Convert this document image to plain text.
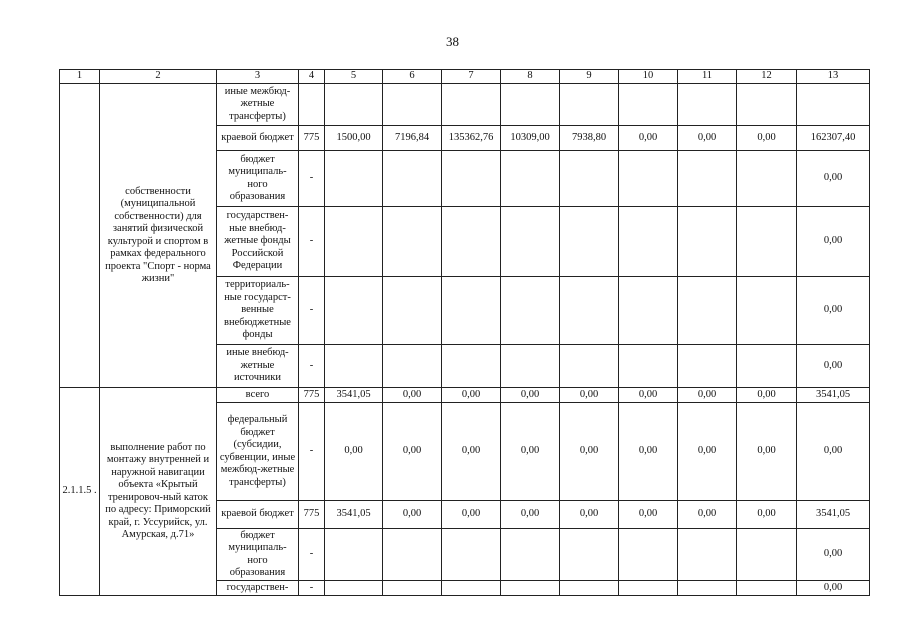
38
1	2	3	4	5	6	7	8	9	10	11	12	13
	собственности (муниципальной собственности) для занятий физической культурой и спортом в рамках федерального проекта "Спорт - норма жизни"	иные межбюд-жетные трансферты)										
		краевой бюджет	775	1500,00	7196,84	135362,76	10309,00	7938,80	0,00	0,00	0,00	162307,40
		бюджет муниципаль-ного образования	-									0,00
		государствен-ные внебюд-жетные фонды Российской Федерации	-									0,00
		территориаль-ные государст-венные внебюджетные фонды	-									0,00
		иные внебюд-жетные источники	-									0,00
2.1.1.5 .	выполнение работ по монтажу внутренней и наружной навигации объекта «Крытый тренировоч-ный каток по адресу: Приморский край, г. Уссурийск, ул. Амурская, д.71»	всего	775	3541,05	0,00	0,00	0,00	0,00	0,00	0,00	0,00	3541,05
		федеральный бюджет (субсидии, субвенции, иные межбюд-жетные трансферты)	-	0,00	0,00	0,00	0,00	0,00	0,00	0,00	0,00	0,00
		краевой бюджет	775	3541,05	0,00	0,00	0,00	0,00	0,00	0,00	0,00	3541,05
		бюджет муниципаль-ного образования	-									0,00
		государствен-	-									0,00
